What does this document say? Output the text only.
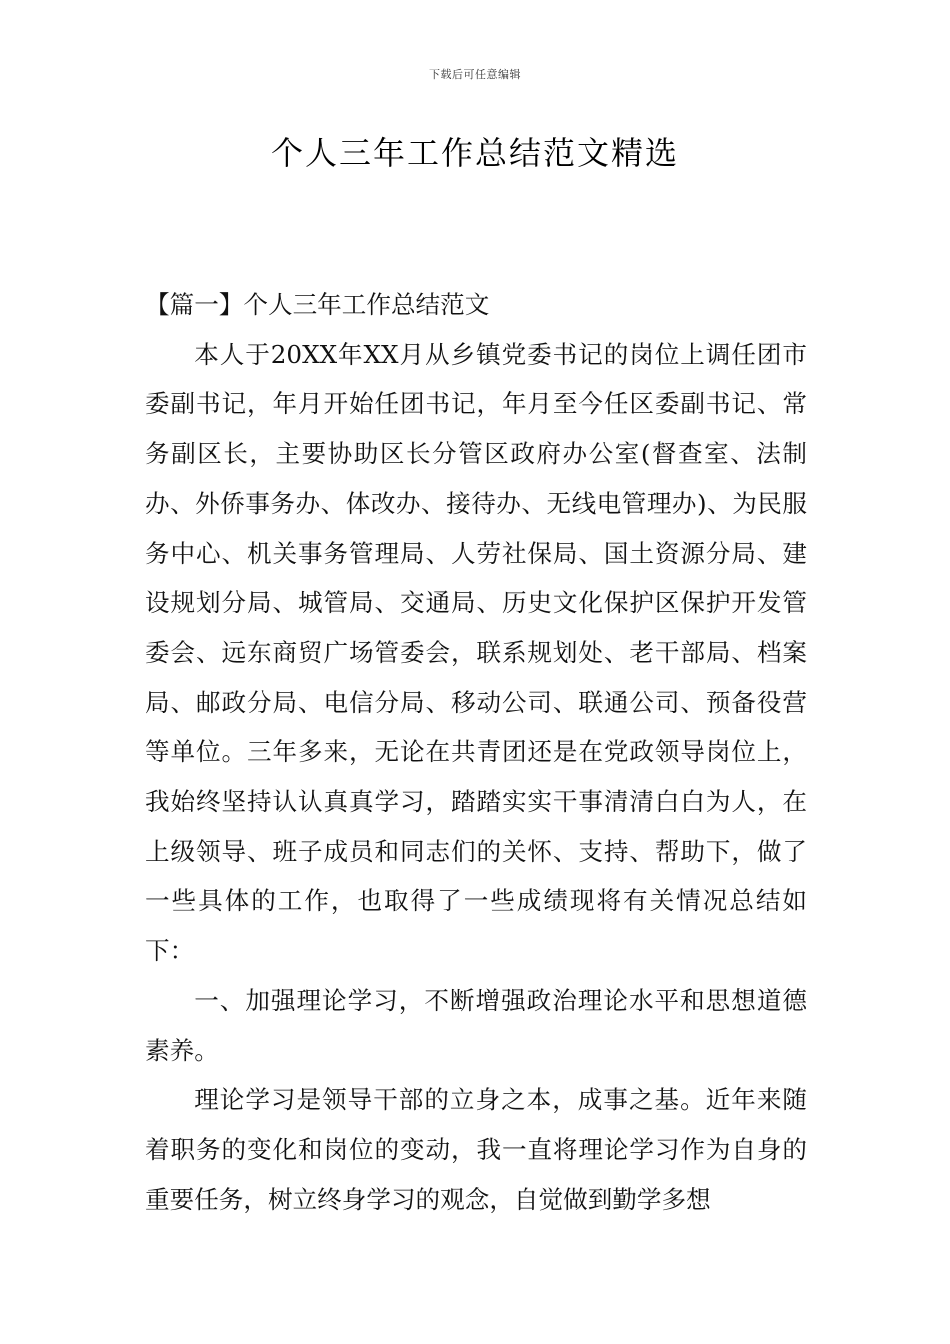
下载后可任意编辑
个人三年工作总结范文精选

【篇一】个人三年工作总结范文

本人于20XX年XX月从乡镇党委书记的岗位上调任团市委副书记，年月开始任团书记，年月至今任区委副书记、常务副区长，主要协助区长分管区政府办公室(督查室、法制办、外侨事务办、体改办、接待办、无线电管理办)、为民服务中心、机关事务管理局、人劳社保局、国土资源分局、建设规划分局、城管局、交通局、历史文化保护区保护开发管委会、远东商贸广场管委会，联系规划处、老干部局、档案局、邮政分局、电信分局、移动公司、联通公司、预备役营等单位。三年多来，无论在共青团还是在党政领导岗位上，我始终坚持认认真真学习，踏踏实实干事清清白白为人，在上级领导、班子成员和同志们的关怀、支持、帮助下，做了一些具体的工作，也取得了一些成绩现将有关情况总结如下：

一、加强理论学习，不断增强政治理论水平和思想道德素养。

理论学习是领导干部的立身之本，成事之基。近年来随着职务的变化和岗位的变动，我一直将理论学习作为自身的重要任务，树立终身学习的观念，自觉做到勤学多想
